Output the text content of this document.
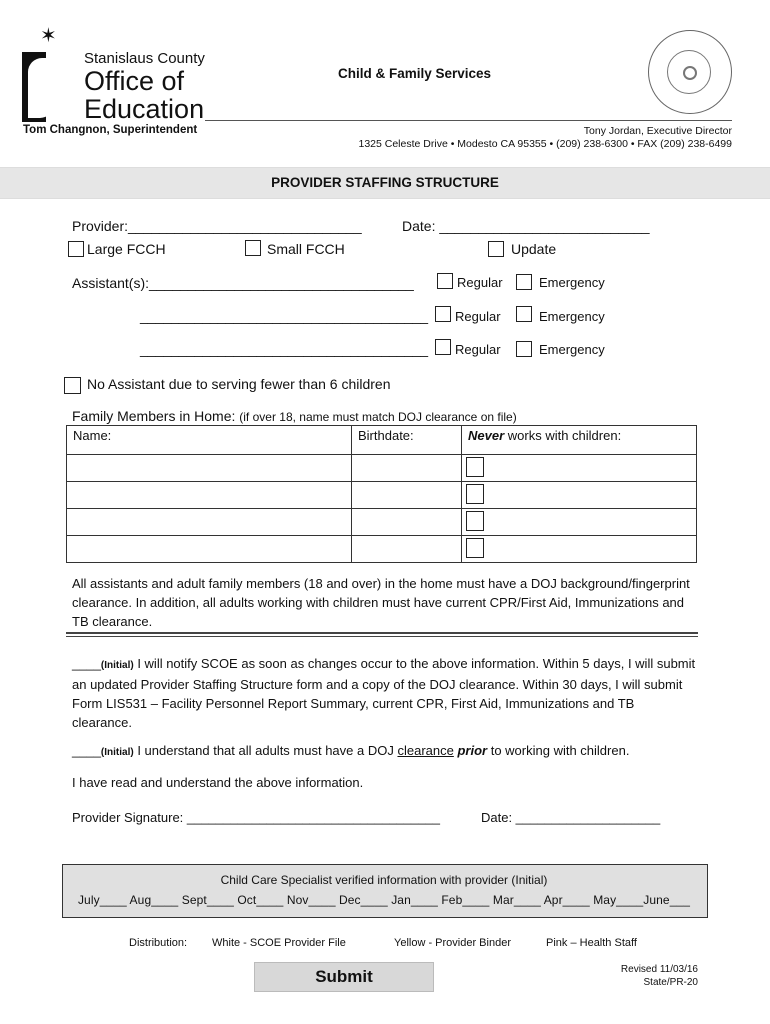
✶
Stanislaus County
Office of
Education
Tom Changnon, Superintendent
Child & Family Services
Tony Jordan, Executive Director
1325 Celeste Drive • Modesto CA 95355 • (209) 238-6300 • FAX (209) 238-6499
PROVIDER STAFFING STRUCTURE
Provider:______________________________	Date: ___________________________
Large FCCH	Small FCCH	Update
Assistant(s):__________________________________	Regular	Emergency
_____________________________________ Regular	Emergency
_____________________________________ Regular	Emergency
No Assistant due to serving fewer than 6 children
Family Members in Home: (if over 18, name must match DOJ clearance on file)
Name:	Birthdate:	Never works with children:

All assistants and adult family members (18 and over) in the home must have a DOJ background/fingerprint clearance. In addition, all adults working with children must have current CPR/First Aid, Immunizations and TB clearance.
____(Initial) I will notify SCOE as soon as changes occur to the above information. Within 5 days, I will submit an updated Provider Staffing Structure form and a copy of the DOJ clearance. Within 30 days, I will submit Form LIS531 – Facility Personnel Report Summary, current CPR, First Aid, Immunizations and TB clearance.
____(Initial) I understand that all adults must have a DOJ clearance prior to working with children.
I have read and understand the above information.
Provider Signature: ___________________________________	Date: ____________________
Child Care Specialist verified information with provider (Initial)
July____ Aug____ Sept____ Oct____ Nov____ Dec____ Jan____ Feb____ Mar____ Apr____ May____June___
Distribution: White - SCOE Provider File	Yellow - Provider Binder	Pink – Health Staff
Submit	Revised 11/03/16
State/PR-20
